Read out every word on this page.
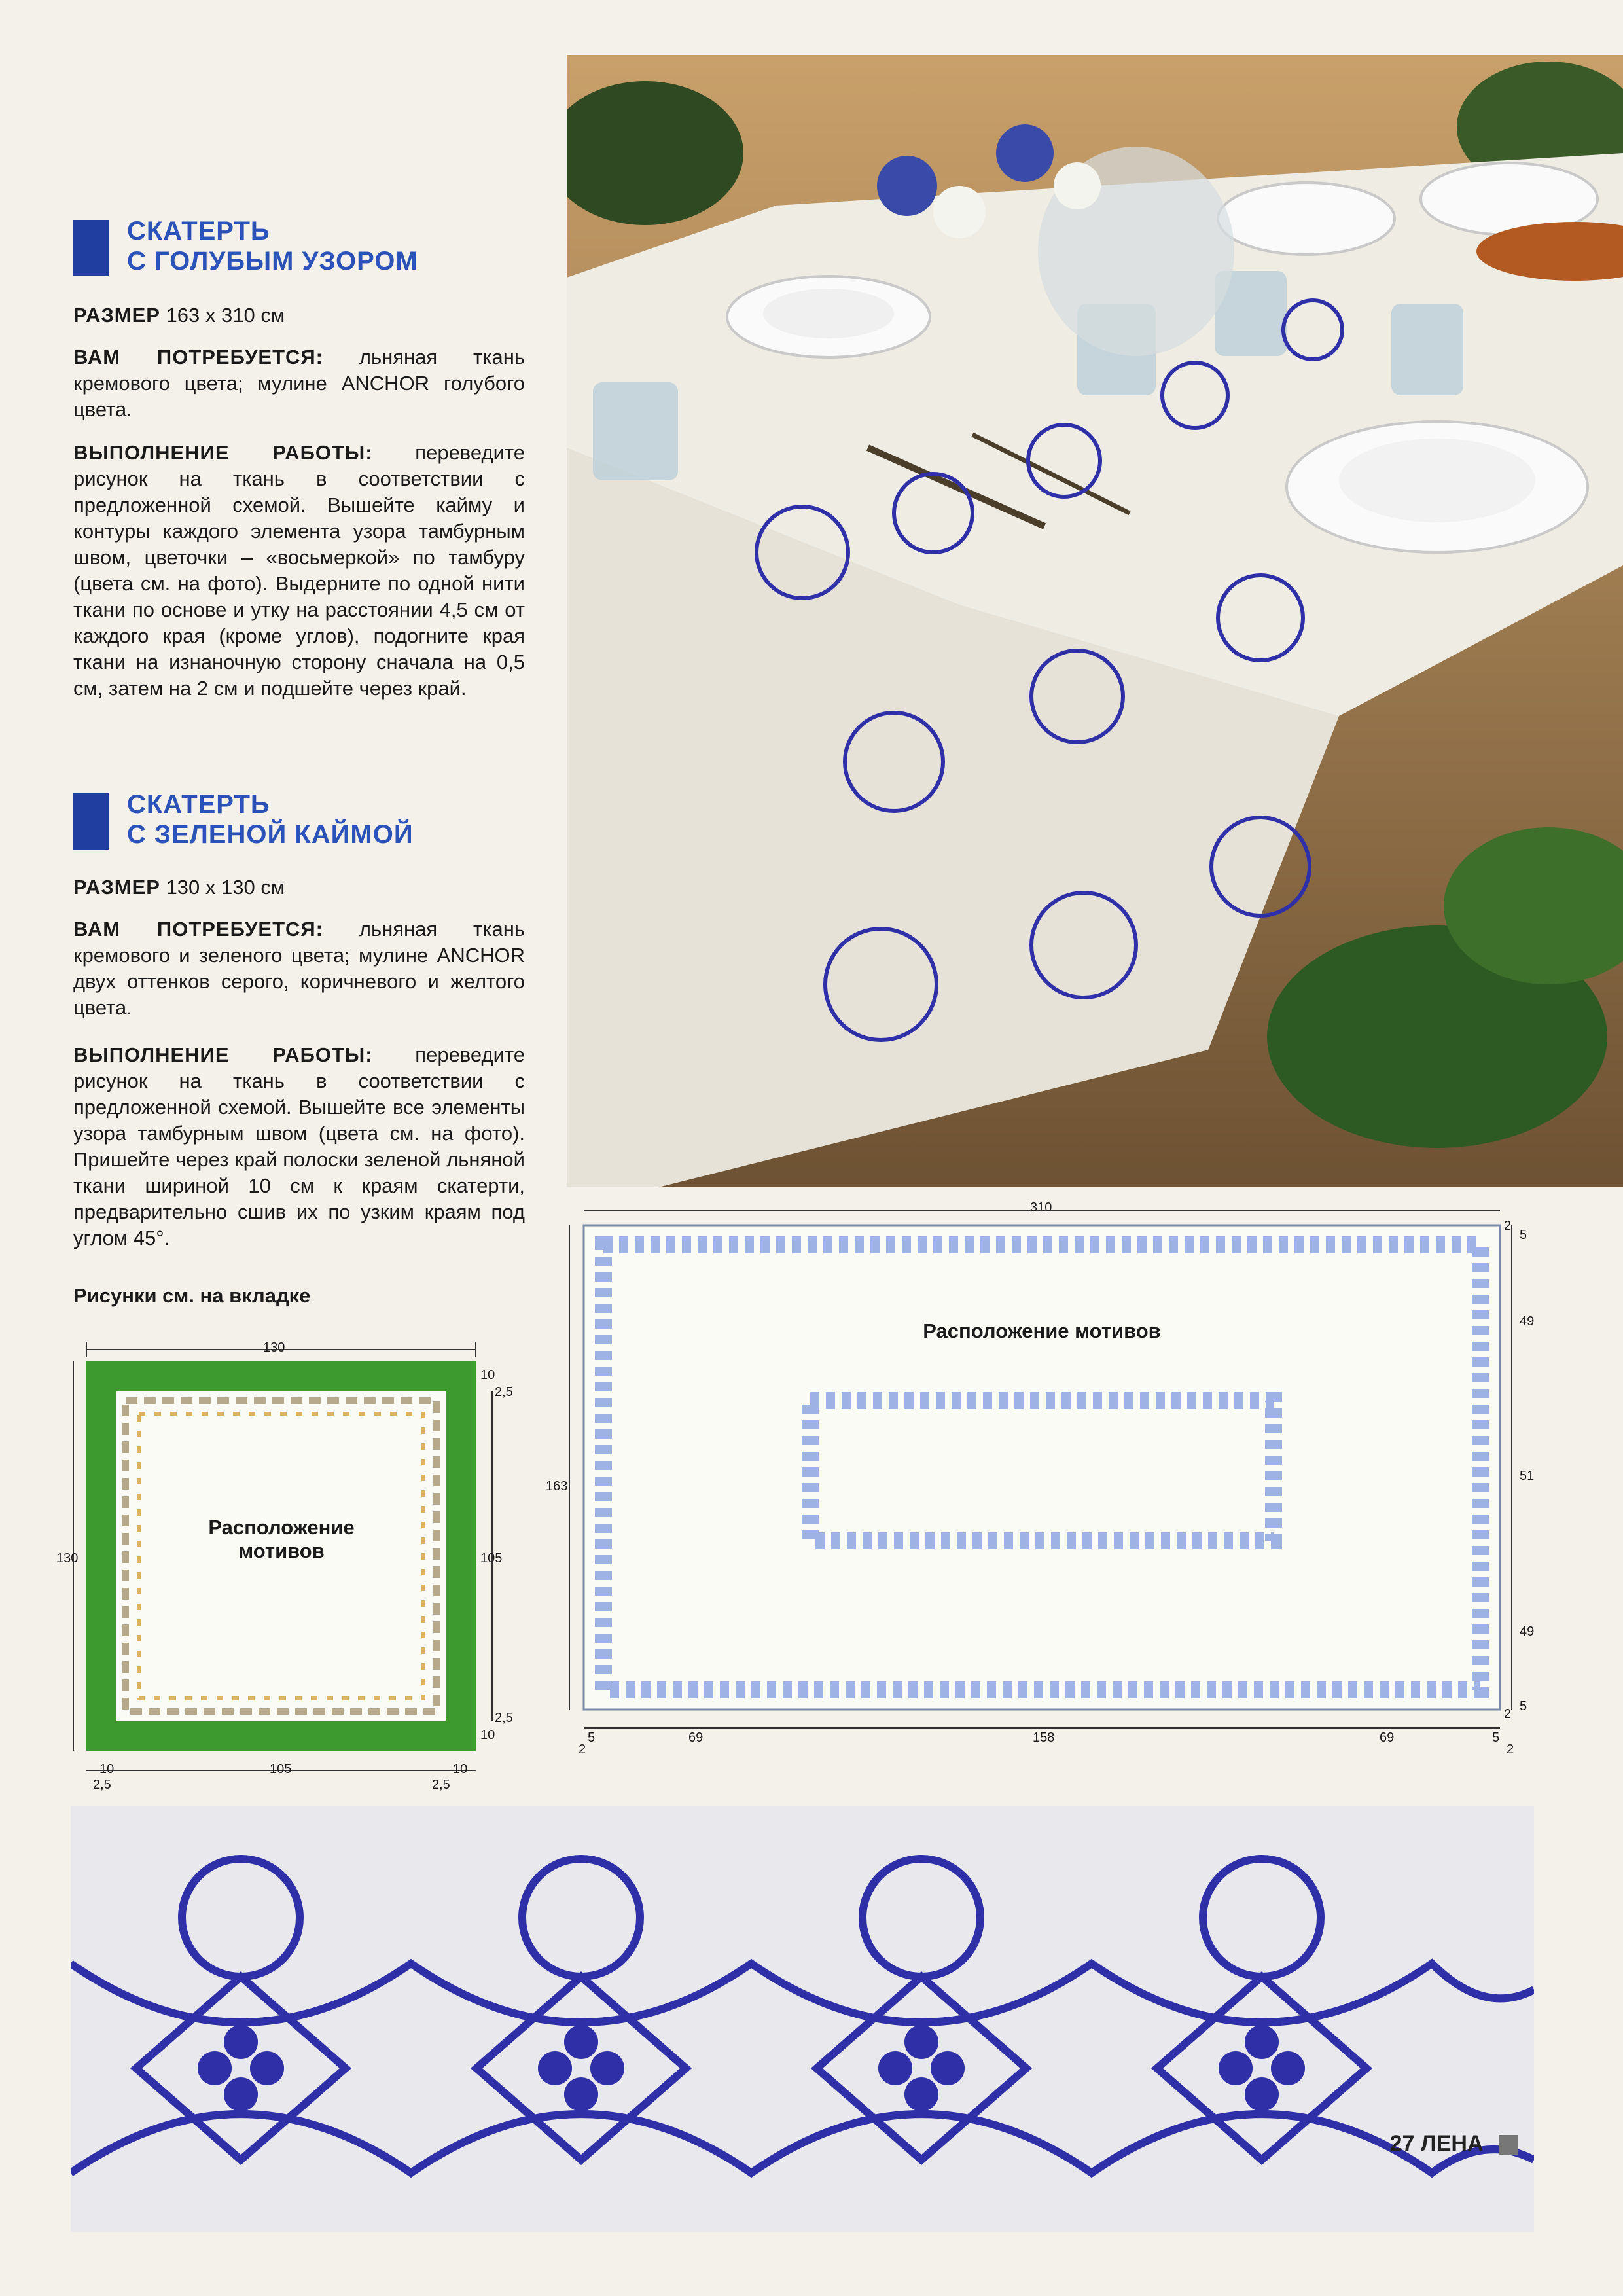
СКАТЕРТЬ
С ГОЛУБЫМ УЗОРОМ
РАЗМЕР 163 х 310 см
ВАМ ПОТРЕБУЕТСЯ: льняная ткань кремового цвета; мулине ANCHOR голубого цвета.
ВЫПОЛНЕНИЕ РАБОТЫ: переведите рисунок на ткань в соответствии с предложенной схемой. Вышейте кайму и контуры каждого элемента узора тамбурным швом, цветочки – «восьмеркой» по тамбуру (цвета см. на фото). Выдерните по одной нити ткани по основе и утку на расстоянии 4,5 см от каждого края (кроме углов), подогните края ткани на изнаночную сторону сначала на 0,5 см, затем на 2 см и подшейте через край.
СКАТЕРТЬ
С ЗЕЛЕНОЙ КАЙМОЙ
РАЗМЕР 130 х 130 см
ВАМ ПОТРЕБУЕТСЯ: льняная ткань кремового и зеленого цвета; мулине ANCHOR двух оттенков серого, коричневого и желтого цвета.
ВЫПОЛНЕНИЕ РАБОТЫ: переведите рисунок на ткань в соответствии с предложенной схемой. Вышейте все элементы узора тамбурным швом (цвета см. на фото). Пришейте через край полоски зеленой льняной ткани шириной 10 см к краям скатерти, предварительно сшив их по узким краям под углом 45°.
Рисунки см. на вкладке
130
130	105
105
10
2,5
2,5
10
2,5	2,5
10	10
Расположение
мотивов
310
163
2
5
49
51
49
5
2
5
2
69	158	69	5
2
Расположение мотивов
27 ЛЕНА
